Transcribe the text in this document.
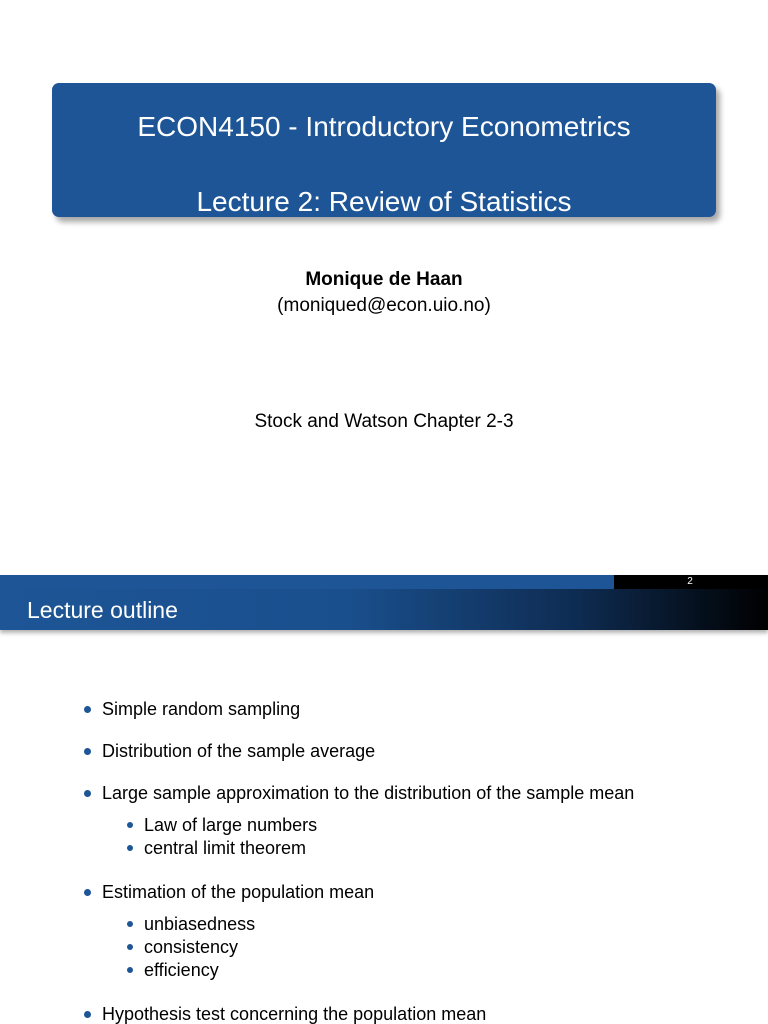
ECON4150 - Introductory Econometrics
Lecture 2: Review of Statistics
Monique de Haan
(moniqued@econ.uio.no)
Stock and Watson Chapter 2-3
2
Lecture outline
Simple random sampling
Distribution of the sample average
Large sample approximation to the distribution of the sample mean
Law of large numbers
central limit theorem
Estimation of the population mean
unbiasedness
consistency
efficiency
Hypothesis test concerning the population mean
